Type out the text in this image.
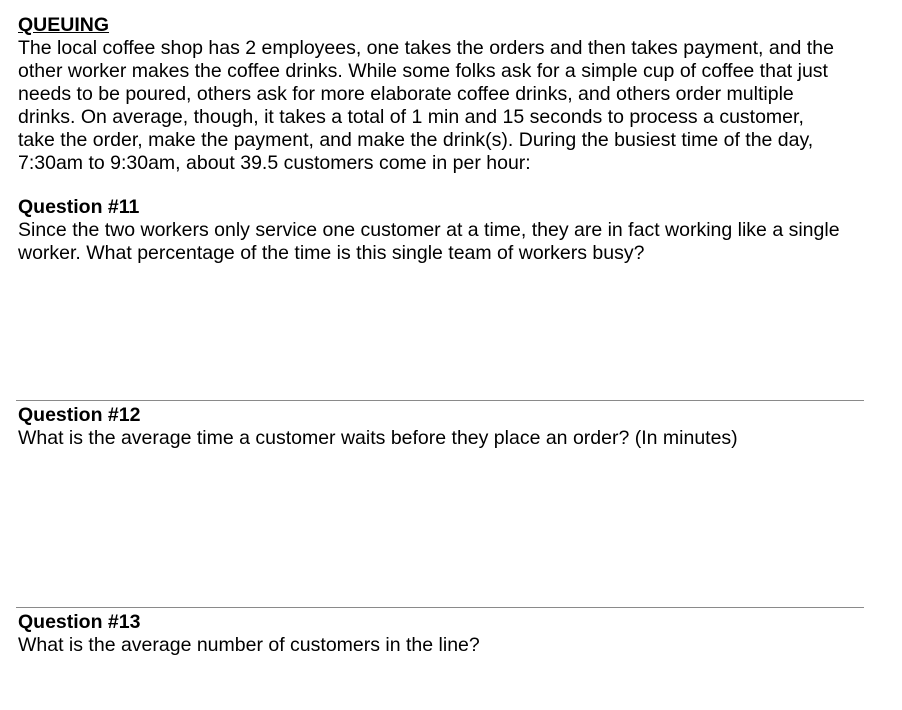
QUEUING

The local coffee shop has 2 employees, one takes the orders and then takes payment, and the
other worker makes the coffee drinks. While some folks ask for a simple cup of coffee that just
needs to be poured, others ask for more elaborate coffee drinks, and others order multiple
drinks. On average, though, it takes a total of 1 min and 15 seconds to process a customer,
take the order, make the payment, and make the drink(s). During the busiest time of the day,
7:30am to 9:30am, about 39.5 customers come in per hour:

Question #11

Since the two workers only service one customer at a time, they are in fact working like a single
worker. What percentage of the time is this single team of workers busy?

Question #12

What is the average time a customer waits before they place an order? (In minutes)

Question #13

What is the average number of customers in the line?
